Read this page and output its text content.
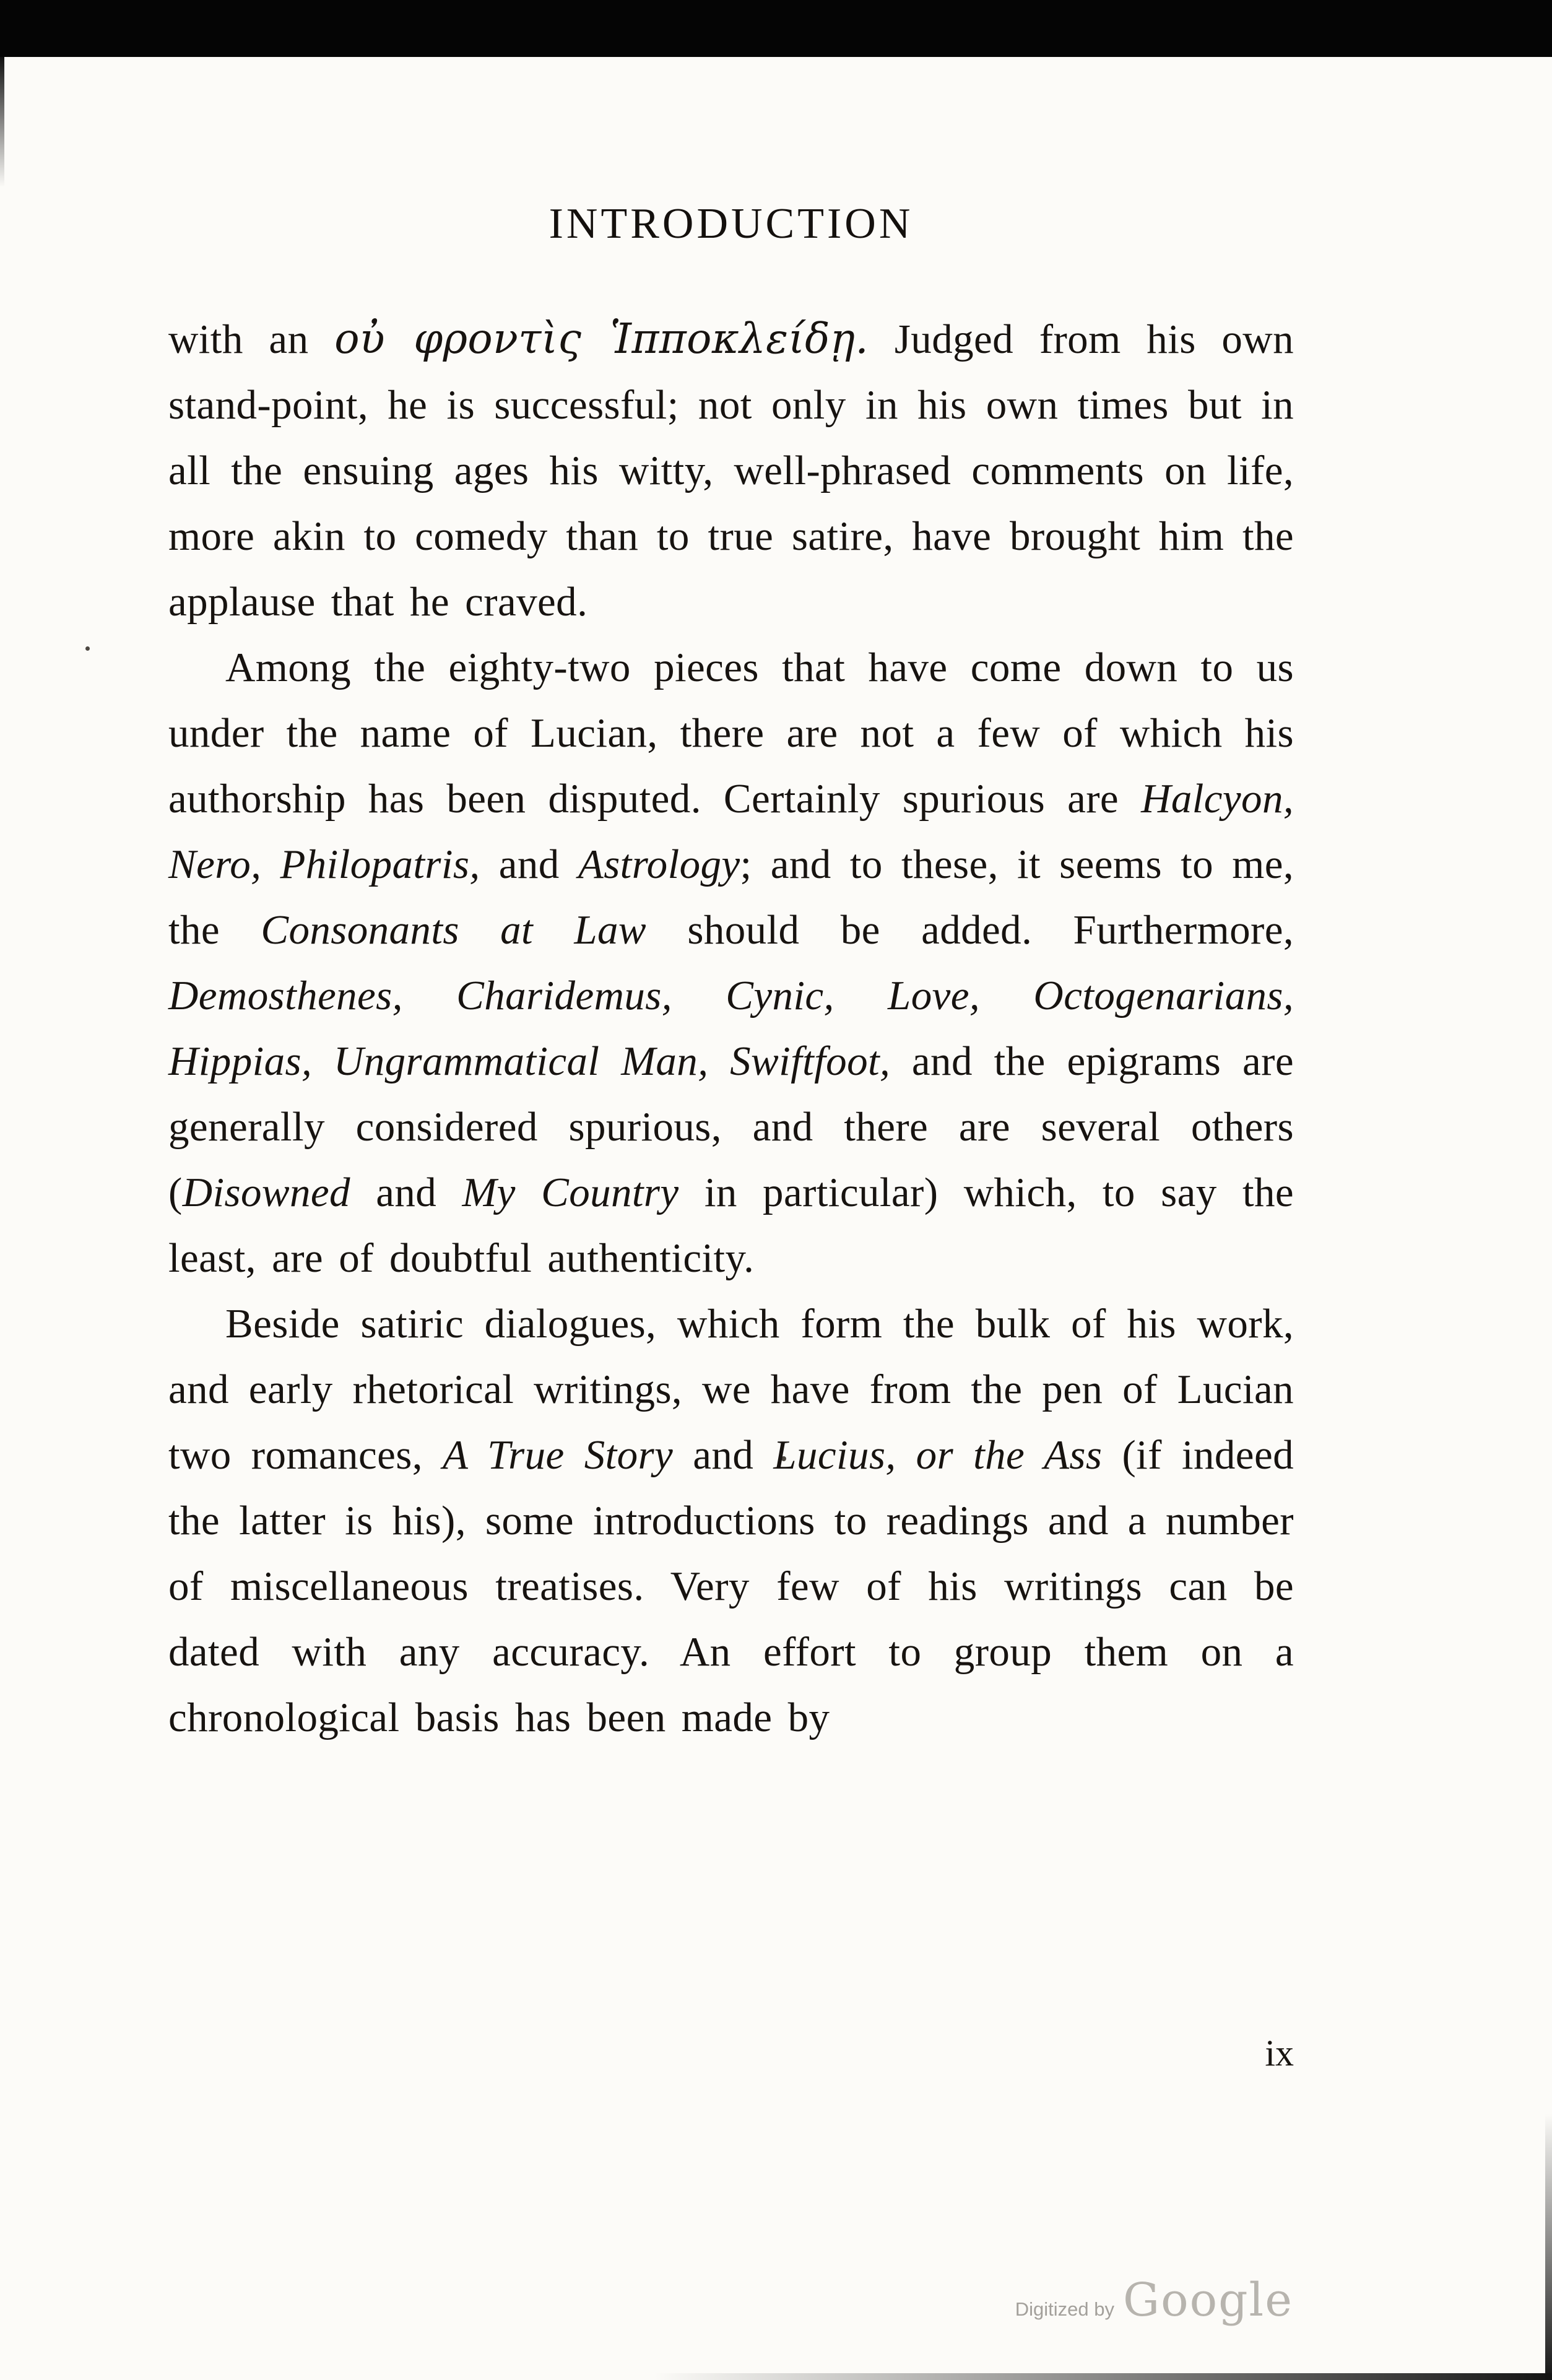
INTRODUCTION

with an οὐ φροντὶς Ἱπποκλείδῃ. Judged from his own stand-point, he is successful; not only in his own times but in all the ensuing ages his witty, well-phrased comments on life, more akin to comedy than to true satire, have brought him the applause that he craved.

Among the eighty-two pieces that have come down to us under the name of Lucian, there are not a few of which his authorship has been disputed. Certainly spurious are Halcyon, Nero, Philopatris, and Astrology; and to these, it seems to me, the Consonants at Law should be added. Furthermore, Demosthenes, Charidemus, Cynic, Love, Octogenarians, Hippias, Ungrammatical Man, Swiftfoot, and the epigrams are generally considered spurious, and there are several others (Disowned and My Country in particular) which, to say the least, are of doubtful authenticity.

Beside satiric dialogues, which form the bulk of his work, and early rhetorical writings, we have from the pen of Lucian two romances, A True Story and Lucius, or the Ass (if indeed the latter is his), some introductions to readings and a number of miscellaneous treatises. Very few of his writings can be dated with any accuracy. An effort to group them on a chronological basis has been made by

ix
Digitized by Google
